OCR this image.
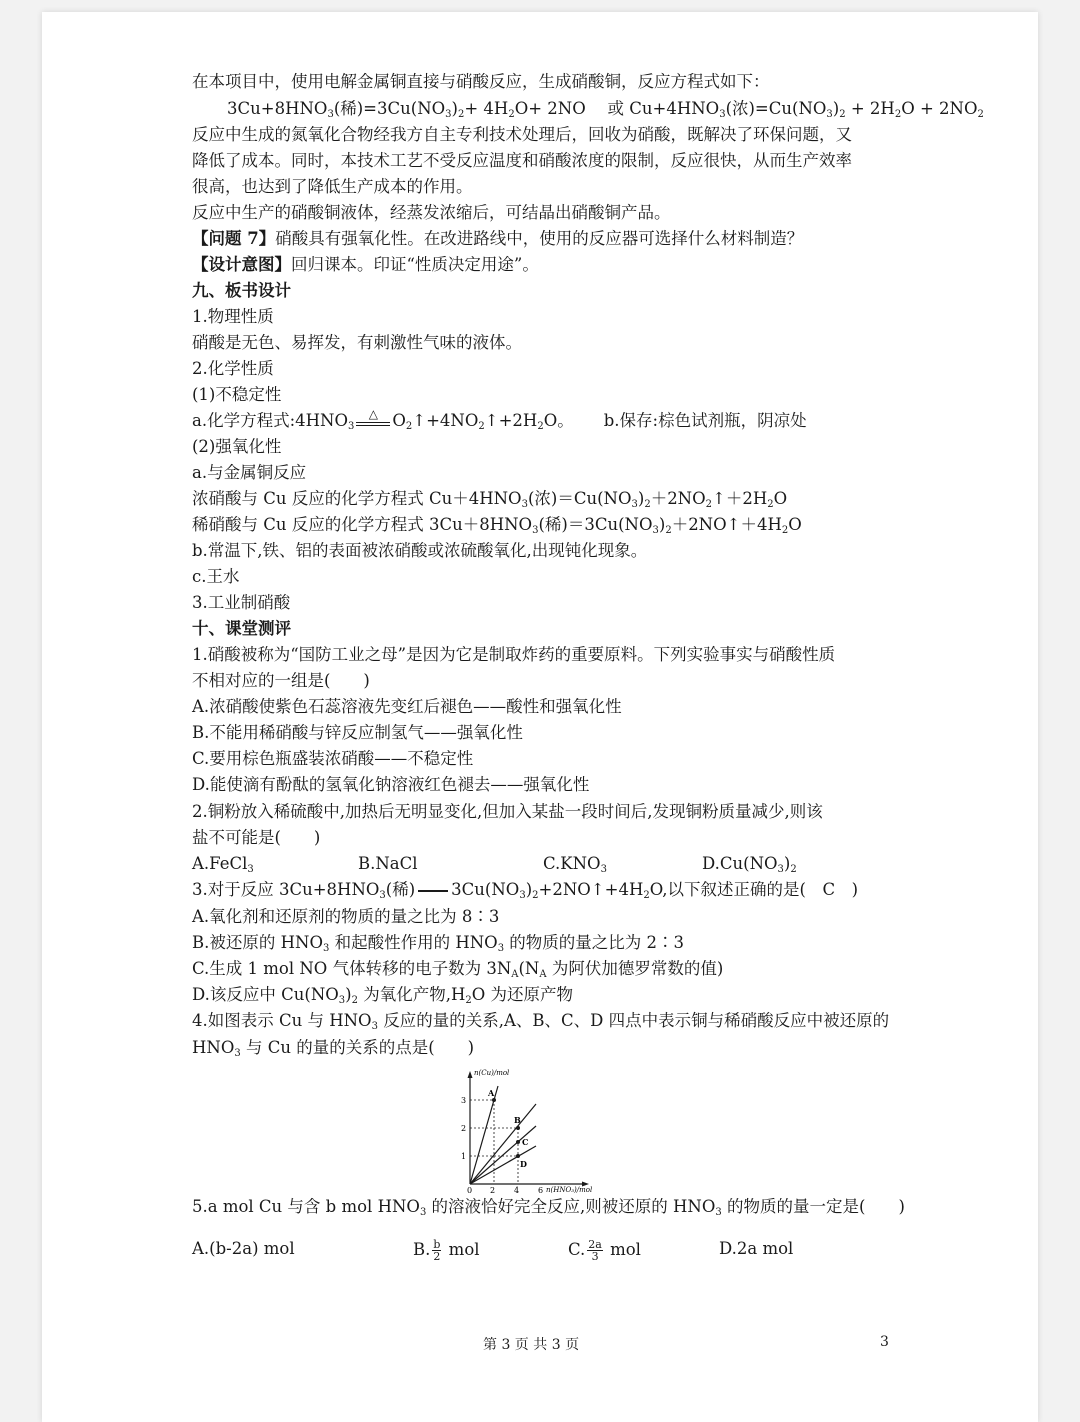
在本项目中，使用电解金属铜直接与硝酸反应，生成硝酸铜，反应方程式如下：
$3Cu+8HNO_3$(稀)$=3Cu(NO_3)_2+ 4H_2O+ 2NO$　 或 $Cu+4HNO_3$(浓)$=Cu(NO_3)_2 + 2H_2O + 2NO_2$
反应中生成的氮氧化合物经我方自主专利技术处理后，回收为硝酸，既解决了环保问题，又
降低了成本。同时，本技术工艺不受反应温度和硝酸浓度的限制，反应很快，从而生产效率
很高，也达到了降低生产成本的作用。
反应中生产的硝酸铜液体，经蒸发浓缩后，可结晶出硝酸铜产品。
【问题 7】硝酸具有强氧化性。在改进路线中，使用的反应器可选择什么材料制造？
【设计意图】回归课本。印证“性质决定用途”。
九、板书设计
1.物理性质
硝酸是无色、易挥发，有刺激性气味的液体。
2.化学性质
(1)不稳定性
a.化学方程式$:4HNO_3^\triangle$ $O_2↑+4NO_2↑+2H_2O$。 b.保存:棕色试剂瓶，阴凉处
(2)强氧化性
a.与金属铜反应
浓硝酸与 Cu 反应的化学方程式 $Cu+4HNO_3$(浓)$=Cu(NO_3)_2+2NO_2↑+2H_2O$
稀硝酸与 Cu 反应的化学方程式 $3Cu+8HNO_3$(稀)$=3Cu(NO_3)_2+2NO↑+4H_2O$
b.常温下,铁、铝的表面被浓硝酸或浓硫酸氧化,出现钝化现象。
c.王水
3.工业制硝酸
十、课堂测评
1.硝酸被称为“国防工业之母”是因为它是制取炸药的重要原料。下列实验事实与硝酸性质
不相对应的一组是(　　)
A.浓硝酸使紫色石蕊溶液先变红后褪色——酸性和强氧化性
B.不能用稀硝酸与锌反应制氢气——强氧化性
C.要用棕色瓶盛装浓硝酸——不稳定性
D.能使滴有酚酞的氢氧化钠溶液红色褪去——强氧化性
2.铜粉放入稀硫酸中,加热后无明显变化,但加入某盐一段时间后,发现铜粉质量减少,则该
盐不可能是(　　)
A.FeCl$_3$	B.NaCl	$C.KNO_3$	$D.Cu(NO_3)_2$
3.对于反应 $3Cu+8HNO_3$(稀) $3Cu(NO_3)_2+2NO↑+4H_2O$,以下叙述正确的是(　C　)
A.氧化剂和还原剂的物质的量之比为 8∶3
B.被还原的 $HNO_3$ 和起酸性作用的 $HNO_3$ 的物质的量之比为 2∶3
C.生成 1 mol NO 气体转移的电子数为 $3N_A(N_A$ 为阿伏加德罗常数的值)
D.该反应中 $Cu(NO_3)_2$ 为氧化产物$,H_2O$ 为还原产物
4.如图表示 Cu 与 $HNO_3$ 反应的量的关系,A、B、C、D 四点中表示铜与稀硝酸反应中被还原的
$HNO_3$ 与 Cu 的量的关系的点是(　　)
n(Cu)/mol
n(HNO₃)/mol
0 2 4 6
1
2
3
A
B
C
D
5.a mol Cu 与含 b mol $HNO_3$ 的溶液恰好完全反应,则被还原的 $HNO_3$ 的物质的量一定是(　　)
A.(b-2a) mol	B. $\frac{b}{2}$ mol	C. $\frac{2a}{3}$ mol	D.2a mol
第 3 页 共 3 页	3
